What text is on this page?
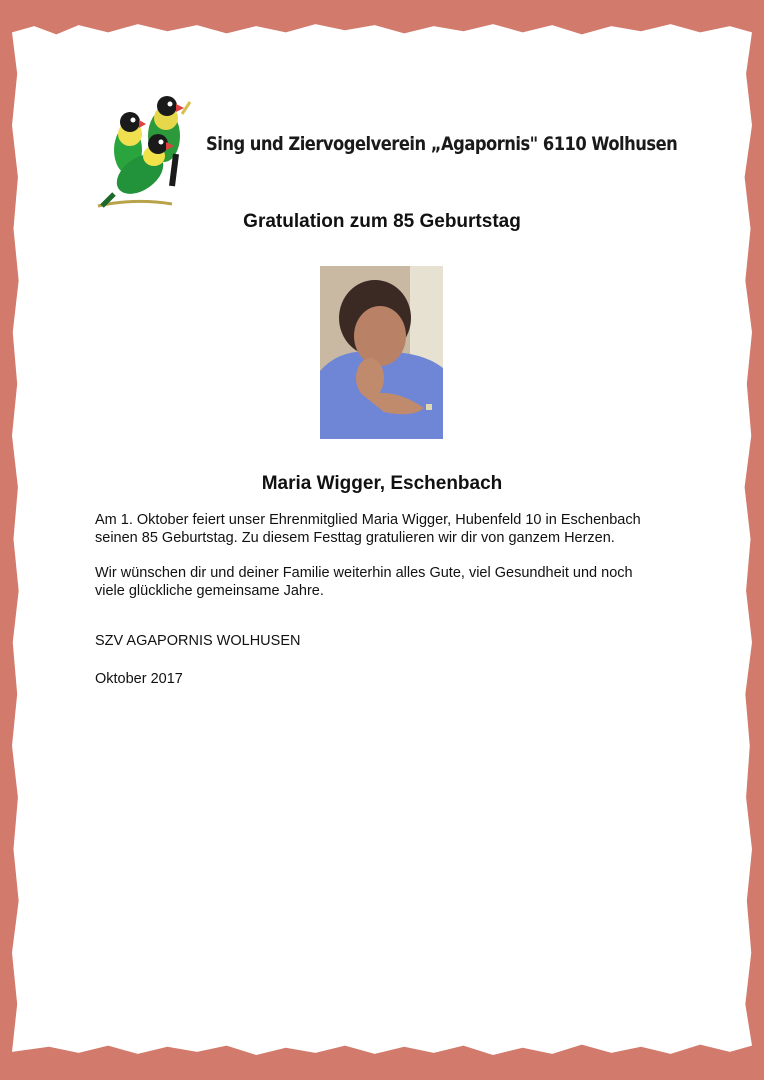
Sing und Ziervogelverein „Agapornis" 6110 Wolhusen
Gratulation zum 85 Geburtstag
Maria Wigger, Eschenbach
Am 1. Oktober feiert unser Ehrenmitglied Maria Wigger, Hubenfeld 10 in Eschenbach
seinen 85 Geburtstag. Zu diesem Festtag gratulieren wir dir von ganzem Herzen.
Wir wünschen dir und deiner Familie weiterhin alles Gute, viel Gesundheit und noch
viele glückliche gemeinsame Jahre.
SZV AGAPORNIS WOLHUSEN
Oktober 2017
